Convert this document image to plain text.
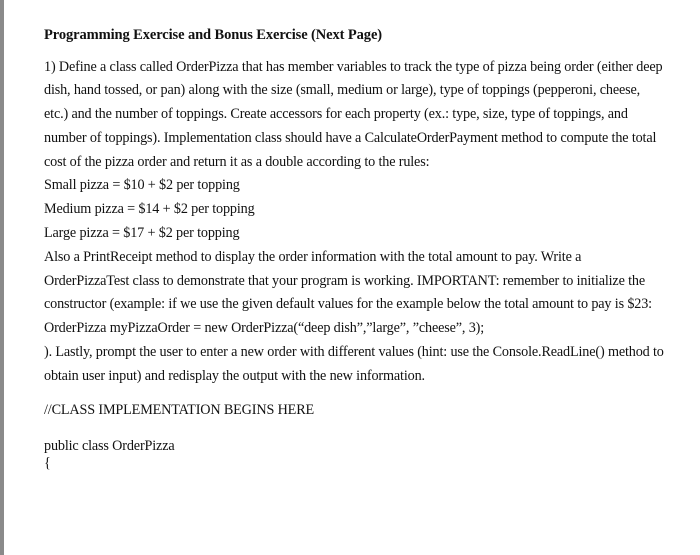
Programming Exercise and Bonus Exercise (Next Page)
1) Define a class called OrderPizza that has member variables to track the type of pizza being order (either deep
dish, hand tossed, or pan) along with the size (small, medium or large), type of toppings (pepperoni, cheese,
etc.) and the number of toppings. Create accessors for each property (ex.: type, size, type of toppings, and
number of toppings). Implementation class should have a CalculateOrderPayment method to compute the total
cost of the pizza order and return it as a double according to the rules:
Small pizza = $10 + $2 per topping
Medium pizza = $14 + $2 per topping
Large pizza = $17 + $2 per topping
Also a PrintReceipt method to display the order information with the total amount to pay. Write a
OrderPizzaTest class to demonstrate that your program is working. IMPORTANT: remember to initialize the
constructor (example: if we use the given default values for the example below the total amount to pay is $23:
OrderPizza myPizzaOrder = new OrderPizza(“deep dish”,”large”, ”cheese”, 3);
). Lastly, prompt the user to enter a new order with different values (hint: use the Console.ReadLine() method to
obtain user input) and redisplay the output with the new information.
//CLASS IMPLEMENTATION BEGINS HERE
public class OrderPizza
{
